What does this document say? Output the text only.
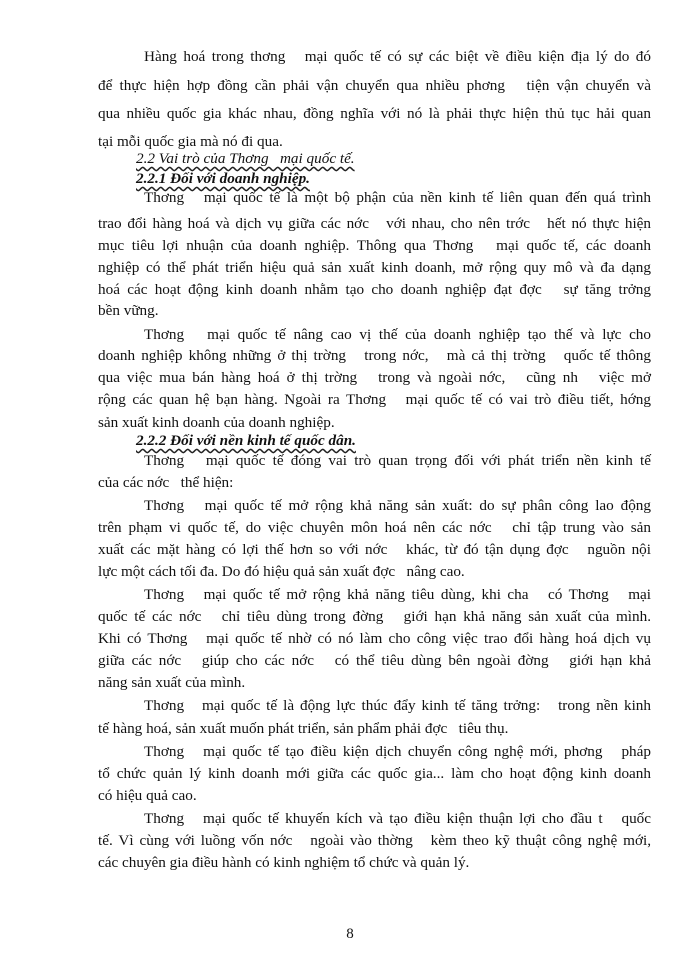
Hàng hoá trong thơng   mại quốc tế có sự các biệt về điều kiện địa lý do đó
để thực hiện hợp đồng cần phải vận chuyển qua nhiều phơng   tiện vận chuyển và
qua nhiều quốc gia khác nhau, đồng nghĩa với nó là phải thực hiện thủ tục hải quan
tại mỗi quốc gia mà nó đi qua.
2.2 Vai trò của Thơng   mại quốc tế.
2.2.1 Đối với doanh nghiệp.
Thơng   mại quốc tế là một bộ phận của nền kinh tế liên quan đến quá trình
trao đổi hàng hoá và dịch vụ giữa các nớc   với nhau, cho nên trớc   hết nó thực hiện
mục tiêu lợi nhuận của doanh nghiệp. Thông qua Thơng   mại quốc tế, các doanh
nghiệp có thể phát triển hiệu quả sản xuất kinh doanh, mở rộng quy mô và đa dạng
hoá các hoạt động kinh doanh nhằm tạo cho doanh nghiệp đạt đợc   sự tăng trởng
bền vững.
Thơng   mại quốc tế nâng cao vị thế của doanh nghiệp tạo thế và lực cho
doanh nghiệp không những ở thị trờng   trong nớc,   mà cả thị trờng   quốc tế thông
qua việc mua bán hàng hoá ở thị trờng   trong và ngoài nớc,   cũng nh   việc mở
rộng các quan hệ bạn hàng. Ngoài ra Thơng   mại quốc tế có vai trò điều tiết, hớng
sản xuất kinh doanh của doanh nghiệp.
2.2.2 Đối với nền kinh tế quốc dân.
Thơng   mại quốc tế đóng vai trò quan trọng đối với phát triển nền kinh tế
của các nớc   thể hiện:
Thơng   mại quốc tế mở rộng khả năng sản xuất: do sự phân công lao động
trên phạm vi quốc tế, do việc chuyên môn hoá nên các nớc   chỉ tập trung vào sản
xuất các mặt hàng có lợi thế hơn so với nớc   khác, từ đó tận dụng đợc   nguồn nội
lực một cách tối đa. Do đó hiệu quả sản xuất đợc   nâng cao.
Thơng   mại quốc tế mở rộng khả năng tiêu dùng, khi cha   có Thơng   mại
quốc tế các nớc   chỉ tiêu dùng trong đờng   giới hạn khả năng sản xuất của mình.
Khi có Thơng   mại quốc tế nhờ có nó làm cho công việc trao đổi hàng hoá dịch vụ
giữa các nớc   giúp cho các nớc   có thể tiêu dùng bên ngoài đờng   giới hạn khả
năng sản xuất của mình.
Thơng   mại quốc tế là động lực thúc đẩy kinh tế tăng trởng:   trong nền kinh
tế hàng hoá, sản xuất muốn phát triển, sản phẩm phải đợc   tiêu thụ.
Thơng   mại quốc tế tạo điều kiện dịch chuyển công nghệ mới, phơng   pháp
tổ chức quản lý kinh doanh mới giữa các quốc gia... làm cho hoạt động kinh doanh
có hiệu quả cao.
Thơng   mại quốc tế khuyến kích và tạo điều kiện thuận lợi cho đầu t   quốc
tế. Vì cùng với luồng vốn nớc   ngoài vào thờng   kèm theo kỹ thuật công nghệ mới,
các chuyên gia điều hành có kinh nghiệm tổ chức và quản lý.
8
